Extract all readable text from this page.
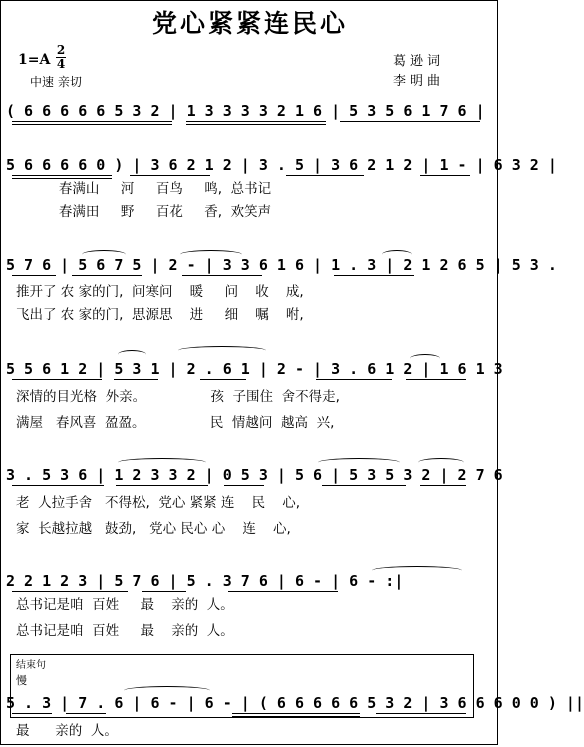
党心紧紧连民心
1=A
2
4
中速 亲切
葛逊词
李明曲
( 6 6 6 6 6 5 3 2 | 1 3 3 3 3 2 1 6 | 5 3 5 6 1 7 6 |
5 6 6 6 6 0 ) | 3 6 2 1 2 | 3 . 5 | 3 6 2 1 2 | 1 - | 6 3 2 |
春满山     河     百鸟     鸣,  总书记
春满田     野     百花     香,  欢笑声
5 7 6 | 5 6 7 5 | 2 - | 3 3 6 1 6 | 1 . 3 | 2 1 2 6 5 | 5 3 .
推开了 农 家的门,  问寒问    暖     问    收    成,
飞出了 农 家的门,  思源思    进     细    嘱    咐,
5 5 6 1 2 | 5 3 1 | 2 . 6 1 | 2 - | 3 . 6 1 2 | 1 6 1 3
深情的目光格  外亲。               孩  子围住  舍不得走,
满屋   春风喜  盈盈。               民  情越问  越高  兴,
3 . 5 3 6 | 1 2 3 3 2 | 0 5 3 | 5 6 | 5 3 5 3 2 | 2 7 6
老  人拉手舍   不得松,  党心 紧紧 连    民    心,
家  长越拉越   鼓劲,   党心 民心 心    连    心,
2 2 1 2 3 | 5 7 6 | 5 . 3 7 6 | 6 - | 6 - :|
总书记是咱  百姓     最    亲的  人。
总书记是咱  百姓     最    亲的  人。
结束句
慢
5 . 3 | 7 . 6 | 6 - | 6 - | ( 6 6 6 6 6 5 3 2 | 3 6 6 6 0 0 ) ||
最      亲的  人。
